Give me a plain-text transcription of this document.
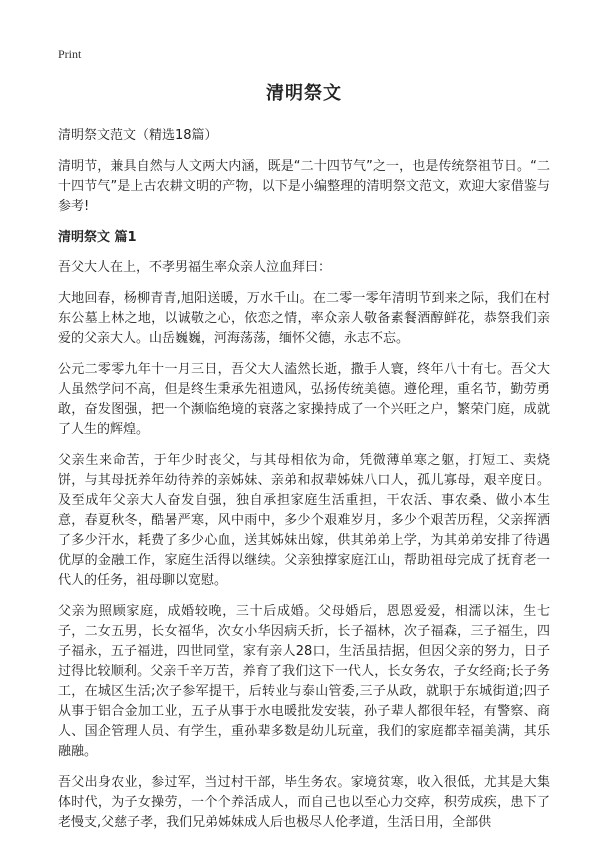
Print
清明祭文
清明祭文范文（精选18篇）

清明节，兼具自然与人文两大内涵，既是“二十四节气”之一，也是传统祭祖节日。“二十四节气”是上古农耕文明的产物，以下是小编整理的清明祭文范文，欢迎大家借鉴与参考!

清明祭文 篇1

吾父大人在上，不孝男福生率众亲人泣血拜曰：

大地回春，杨柳青青,旭阳送暖，万水千山。在二零一零年清明节到来之际，我们在村东公墓上林之地，以诚敬之心，依恋之情，率众亲人敬备素餐酒醇鲜花，恭祭我们亲爱的父亲大人。山岳巍巍，河海荡荡，缅怀父德，永志不忘。

公元二零零九年十一月三日，吾父大人溘然长逝，撒手人寰，终年八十有七。吾父大人虽然学问不高，但是终生秉承先祖遗风，弘扬传统美德。遵伦理，重名节，勤劳勇敢，奋发图强，把一个濒临绝境的衰落之家操持成了一个兴旺之户，繁荣门庭，成就了人生的辉煌。

父亲生来命苦，于年少时丧父，与其母相依为命，凭微薄单寒之躯，打短工、卖烧饼，与其母抚养年幼待养的亲姊妹、亲弟和叔辈姊妹八口人，孤儿寡母，艰辛度日。及至成年父亲大人奋发自强，独自承担家庭生活重担，干农活、事农桑、做小本生意，春夏秋冬，酷暑严寒，风中雨中，多少个艰难岁月，多少个艰苦历程，父亲挥洒了多少汗水，耗费了多少心血，送其姊妹出嫁，供其弟弟上学，为其弟弟安排了待遇优厚的金融工作，家庭生活得以继续。父亲独撑家庭江山，帮助祖母完成了抚育老一代人的任务，祖母聊以宽慰。

父亲为照顾家庭，成婚较晚，三十后成婚。父母婚后，恩恩爱爱，相濡以沫，生七子，二女五男，长女福华，次女小华因病夭折，长子福林，次子福森，三子福生，四子福永，五子福进，四世同堂，家有亲人28口，生活虽拮据，但因父亲的努力，日子过得比较顺利。父亲千辛万苦，养育了我们这下一代人，长女务农，子女经商;长子务工，在城区生活;次子参军提干，后转业与泰山管委,三子从政，就职于东城街道;四子从事于铝合金加工业，五子从事于水电暖批发安装，孙子辈人都很年轻，有警察、商人、国企管理人员、有学生，重孙辈多数是幼儿玩童，我们的家庭都幸福美满，其乐融融。

吾父出身农业，参过军，当过村干部，毕生务农。家境贫寒，收入很低，尤其是大集体时代，为子女操劳，一个个养活成人，而自己也以至心力交瘁，积劳成疾，患下了老慢支,父慈子孝，我们兄弟姊妹成人后也极尽人伦孝道，生活日用，全部供
